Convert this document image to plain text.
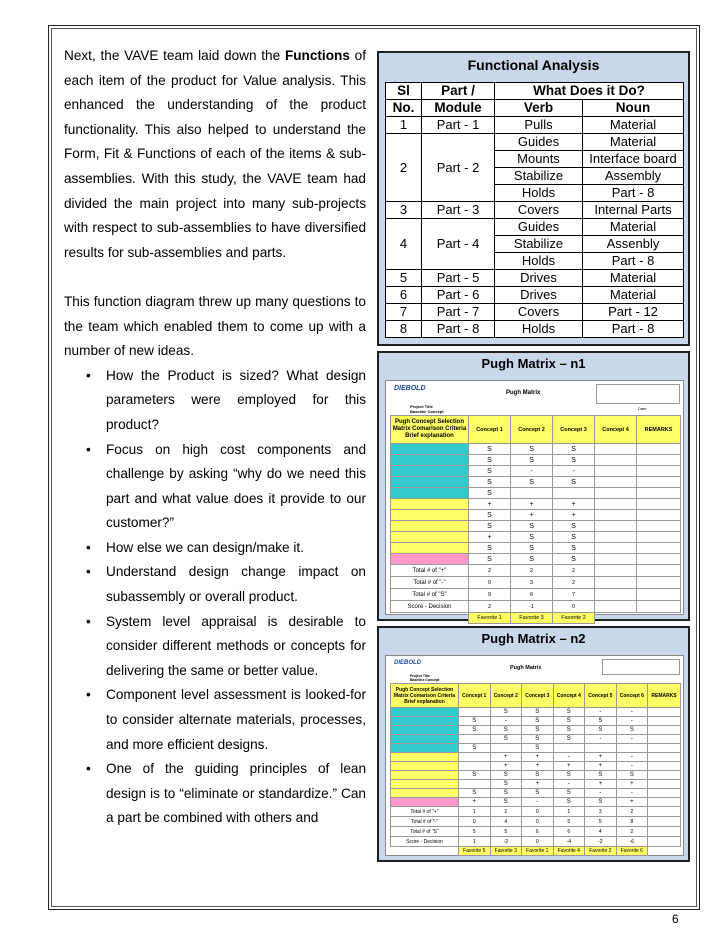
Next, the VAVE team laid down the Functions of each item of the product for Value analysis. This enhanced the understanding of the product functionality. This also helped to understand the Form, Fit & Functions of each of the items & sub-assemblies. With this study, the VAVE team had divided the main project into many sub-projects with respect to sub-assemblies to have diversified results for sub-assemblies and parts.

This function diagram threw up many questions to the team which enabled them to come up with a number of new ideas.

• How the Product is sized? What design parameters were employed for this product?
• Focus on high cost components and challenge by asking “why do we need this part and what value does it provide to our customer?”
• How else we can design/make it.
• Understand design change impact on subassembly or overall product.
• System level appraisal is desirable to consider different methods or concepts for delivering the same or better value.
• Component level assessment is looked-for to consider alternate materials, processes, and more efficient designs.
• One of the guiding principles of lean design is to “eliminate or standardize.” Can a part be combined with others and
Functional Analysis
Sl	Part /	What Does it Do?	
No.	Module	Verb	Noun
1	Part - 1	Pulls	Material
2	Part - 2	Guides	Material
		Mounts	Interface board
		Stabilize	Assembly
		Holds	Part - 8
3	Part - 3	Covers	Internal Parts
4	Part - 4	Guides	Material
		Stabilize	Assenbly
		Holds	Part - 8
5	Part - 5	Drives	Material
6	Part - 6	Drives	Material
7	Part - 7	Covers	Part - 12
8	Part - 8	Holds	Part - 8
Pugh Matrix – n1
DIEBOLD
Pugh Matrix
Project Title
Baseline Concept
Date
Pugh Concept Selection Matrix Comarison Criteria
Brief explanation	Concept 1	Concept 2	Concept 3	Concept 4	REMARKS
	S	S	S		
	S	S	S		
	S	-	-		
	S	S	S		
	S				
	+	+	+		
	S	+	+		
	S	S	S		
	+	S	S		
	S	S	S		
	S	S	S		
Total # of "+"	2	2	2		
Total # of "-"	0	3	2		
Total # of "S"	9	6	7		
Score - Decision	2	-1	0		
	Favorite 1	Favorite 3	Favorite 2		
Pugh Matrix – n2
DIEBOLD
Pugh Matrix
Project Title
Baseline Concept
Pugh Concept Selection Matrix Comarison Criteria
Brief explanation	Concept 1	Concept 2	Concept 3	Concept 4	Concept 5	Concept 6	REMARKS
		S	S	S	-	-	
	S	-	S	S	S	-	
	S	S	S	S	S	S	
		S	S	S	-	-	
	S		S				
		+	+	-	+	-	
		+	+	+	+	-	
	S	S	S	S	S	S	
		S	+	-	+	+	
	S	S	S	S	-	-	
	+	S	-	S	S	+	
Total # of "+"	1	2	0	1	3	2	
Total # of "-"	0	4	0	5	5	8	
Total # of "S"	5	5	6	6	4	2	
Score - Decision	1	-2	0	-4	-2	-6	
	Favorite 5	Favorite 3	Favorite 1	Favorite 4	Favorite 2	Favorite 6	
6
